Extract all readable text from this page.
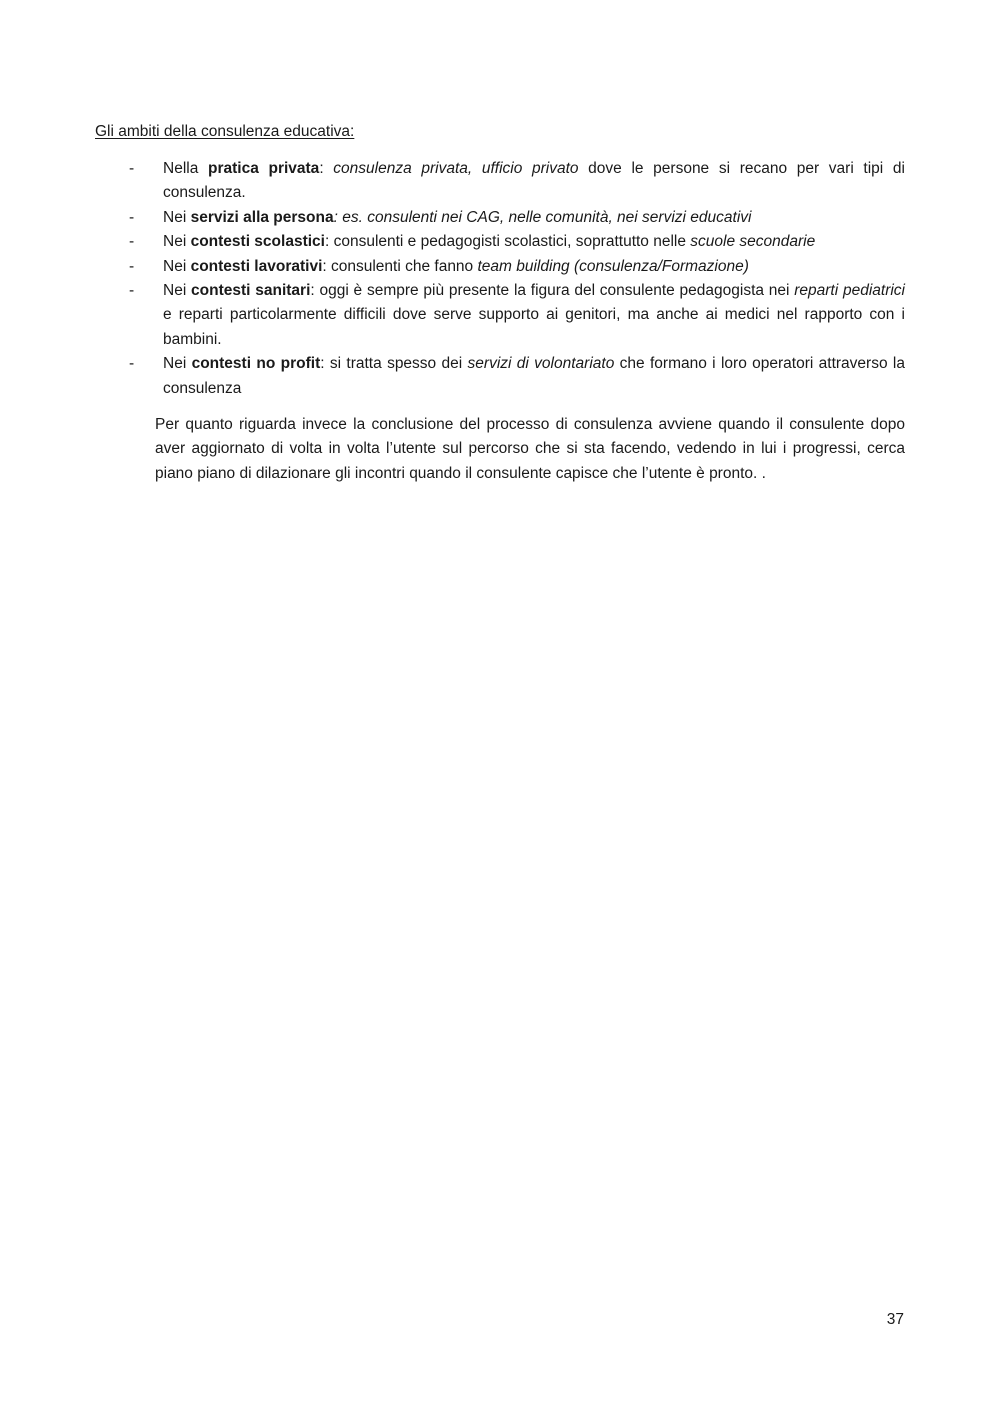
Gli ambiti della consulenza educativa:
-	Nella pratica privata: consulenza privata, ufficio privato dove le persone si recano per vari tipi di consulenza.
-	Nei servizi alla persona: es. consulenti nei CAG, nelle comunità, nei servizi educativi
-	Nei contesti scolastici: consulenti e pedagogisti scolastici, soprattutto nelle scuole secondarie
-	Nei contesti lavorativi: consulenti che fanno team building (consulenza/Formazione)
-	Nei contesti sanitari: oggi è sempre più presente la figura del consulente pedagogista nei reparti pediatrici e reparti particolarmente difficili dove serve supporto ai genitori, ma anche ai medici nel rapporto con i bambini.
-	Nei contesti no profit: si tratta spesso dei servizi di volontariato che formano i loro operatori attraverso la consulenza

Per quanto riguarda invece la conclusione del processo di consulenza avviene quando il consulente dopo aver aggiornato di volta in volta l’utente sul percorso che si sta facendo, vedendo in lui i progressi, cerca piano piano di dilazionare gli incontri quando il consulente capisce che l’utente è pronto. .

37
